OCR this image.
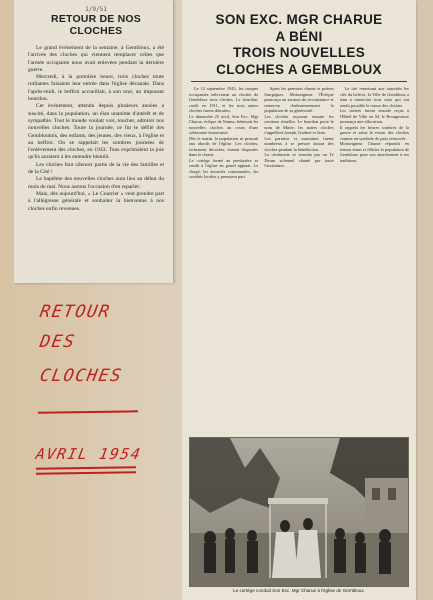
1/9/51
RETOUR DE NOS CLOCHES
Le grand événement de la semaine, à Gembloux, a été l'arrivée des cloches qui viennent remplacer celles que l'armée occupante nous avait enlevées pendant la dernière guerre.
Mercredi, à la première heure, trois cloches toute rutilantes faisaient leur entrée dans l'église décanale. Dans l'après-midi, le beffroi accueillait, à son tour, un imposant bourdon.
Cet événement, attendu depuis plusieurs années a suscité, dans la population, un élan unanime d'intérêt et de sympathie. Tout le monde voulait voir, toucher, admirer nos nouvelles cloches. Toute la journée, ce fut le défilé des Gembloutois, des enfants, des jeunes, des vieux, à l'église et au beffroi. On se rappelait les sombres journées de l'enlèvement des cloches, en 1943. Tous exprimaient la joie qu'ils auraient à les entendre bientôt.
Les cloches font silencer partie de la vie des familles et de la Cité !
Le baptême des nouvelles cloches aura lieu au début du mois de mai. Nous aurons l'occasion d'en reparler.
Mais, dès aujourd'hui, « Le Courrier » veut prendre part à l'allégresse générale et souhaiter la bienvenue à nos cloches enfin revenues.
RETOUR
DES
CLOCHES
AVRIL 1954
SON EXC. MGR CHARUE
A BÉNI
TROIS NOUVELLES
CLOCHES A GEMBLOUX
Le 12 septembre 1943, les troupes occupantes enlevaient au clocher de Gembloux trois cloches. Le bourdon, coulé en 1911, et les trois autres cloches furent détruites.
Le dimanche 25 avril, Son Exc. Mgr Charue, évêque de Namur, bénissait les nouvelles cloches au cours d'une cérémonie émouvante.
Dès le matin, la population se pressait aux abords de l'église. Les cloches, richement décorées, étaient disposées dans le chœur.
Le cortège formé au presbytère se rendit à l'église en grand apparat. Le clergé, les autorités communales, les sociétés locales y prenaient part.
Après les premiers chants et prières liturgiques, Monseigneur l'Évêque prononça un sermon de circonstance et remercia chaleureusement la population de sa générosité.
Les cloches reçurent ensuite les onctions rituelles. Le bourdon porte le nom de Marie; les autres cloches s'appellent Joseph, Guibert et Jean.
Les parrains et marraines furent nombreux à se presser autour des cloches pendant la bénédiction.
La cérémonie se termina par un Te Deum solennel chanté par toute l'assistance.
Le tiré remettant aux autorités les clés du beffroi, la Ville de Gembloux a tenu à remercier tous ceux qui ont rendu possible le retour des cloches.
Les invités furent ensuite reçus à l'Hôtel de Ville où M. le Bourgmestre prononça une allocution.
Il rappela les heures sombres de la guerre et salua le retour des cloches comme un symbole de paix retrouvée.
Monseigneur Charue répondit en termes émus et félicita la population de Gembloux pour son attachement à ses traditions.
Le cortège conduit Son Exc. Mgr Charue à l'église de Gembloux.
